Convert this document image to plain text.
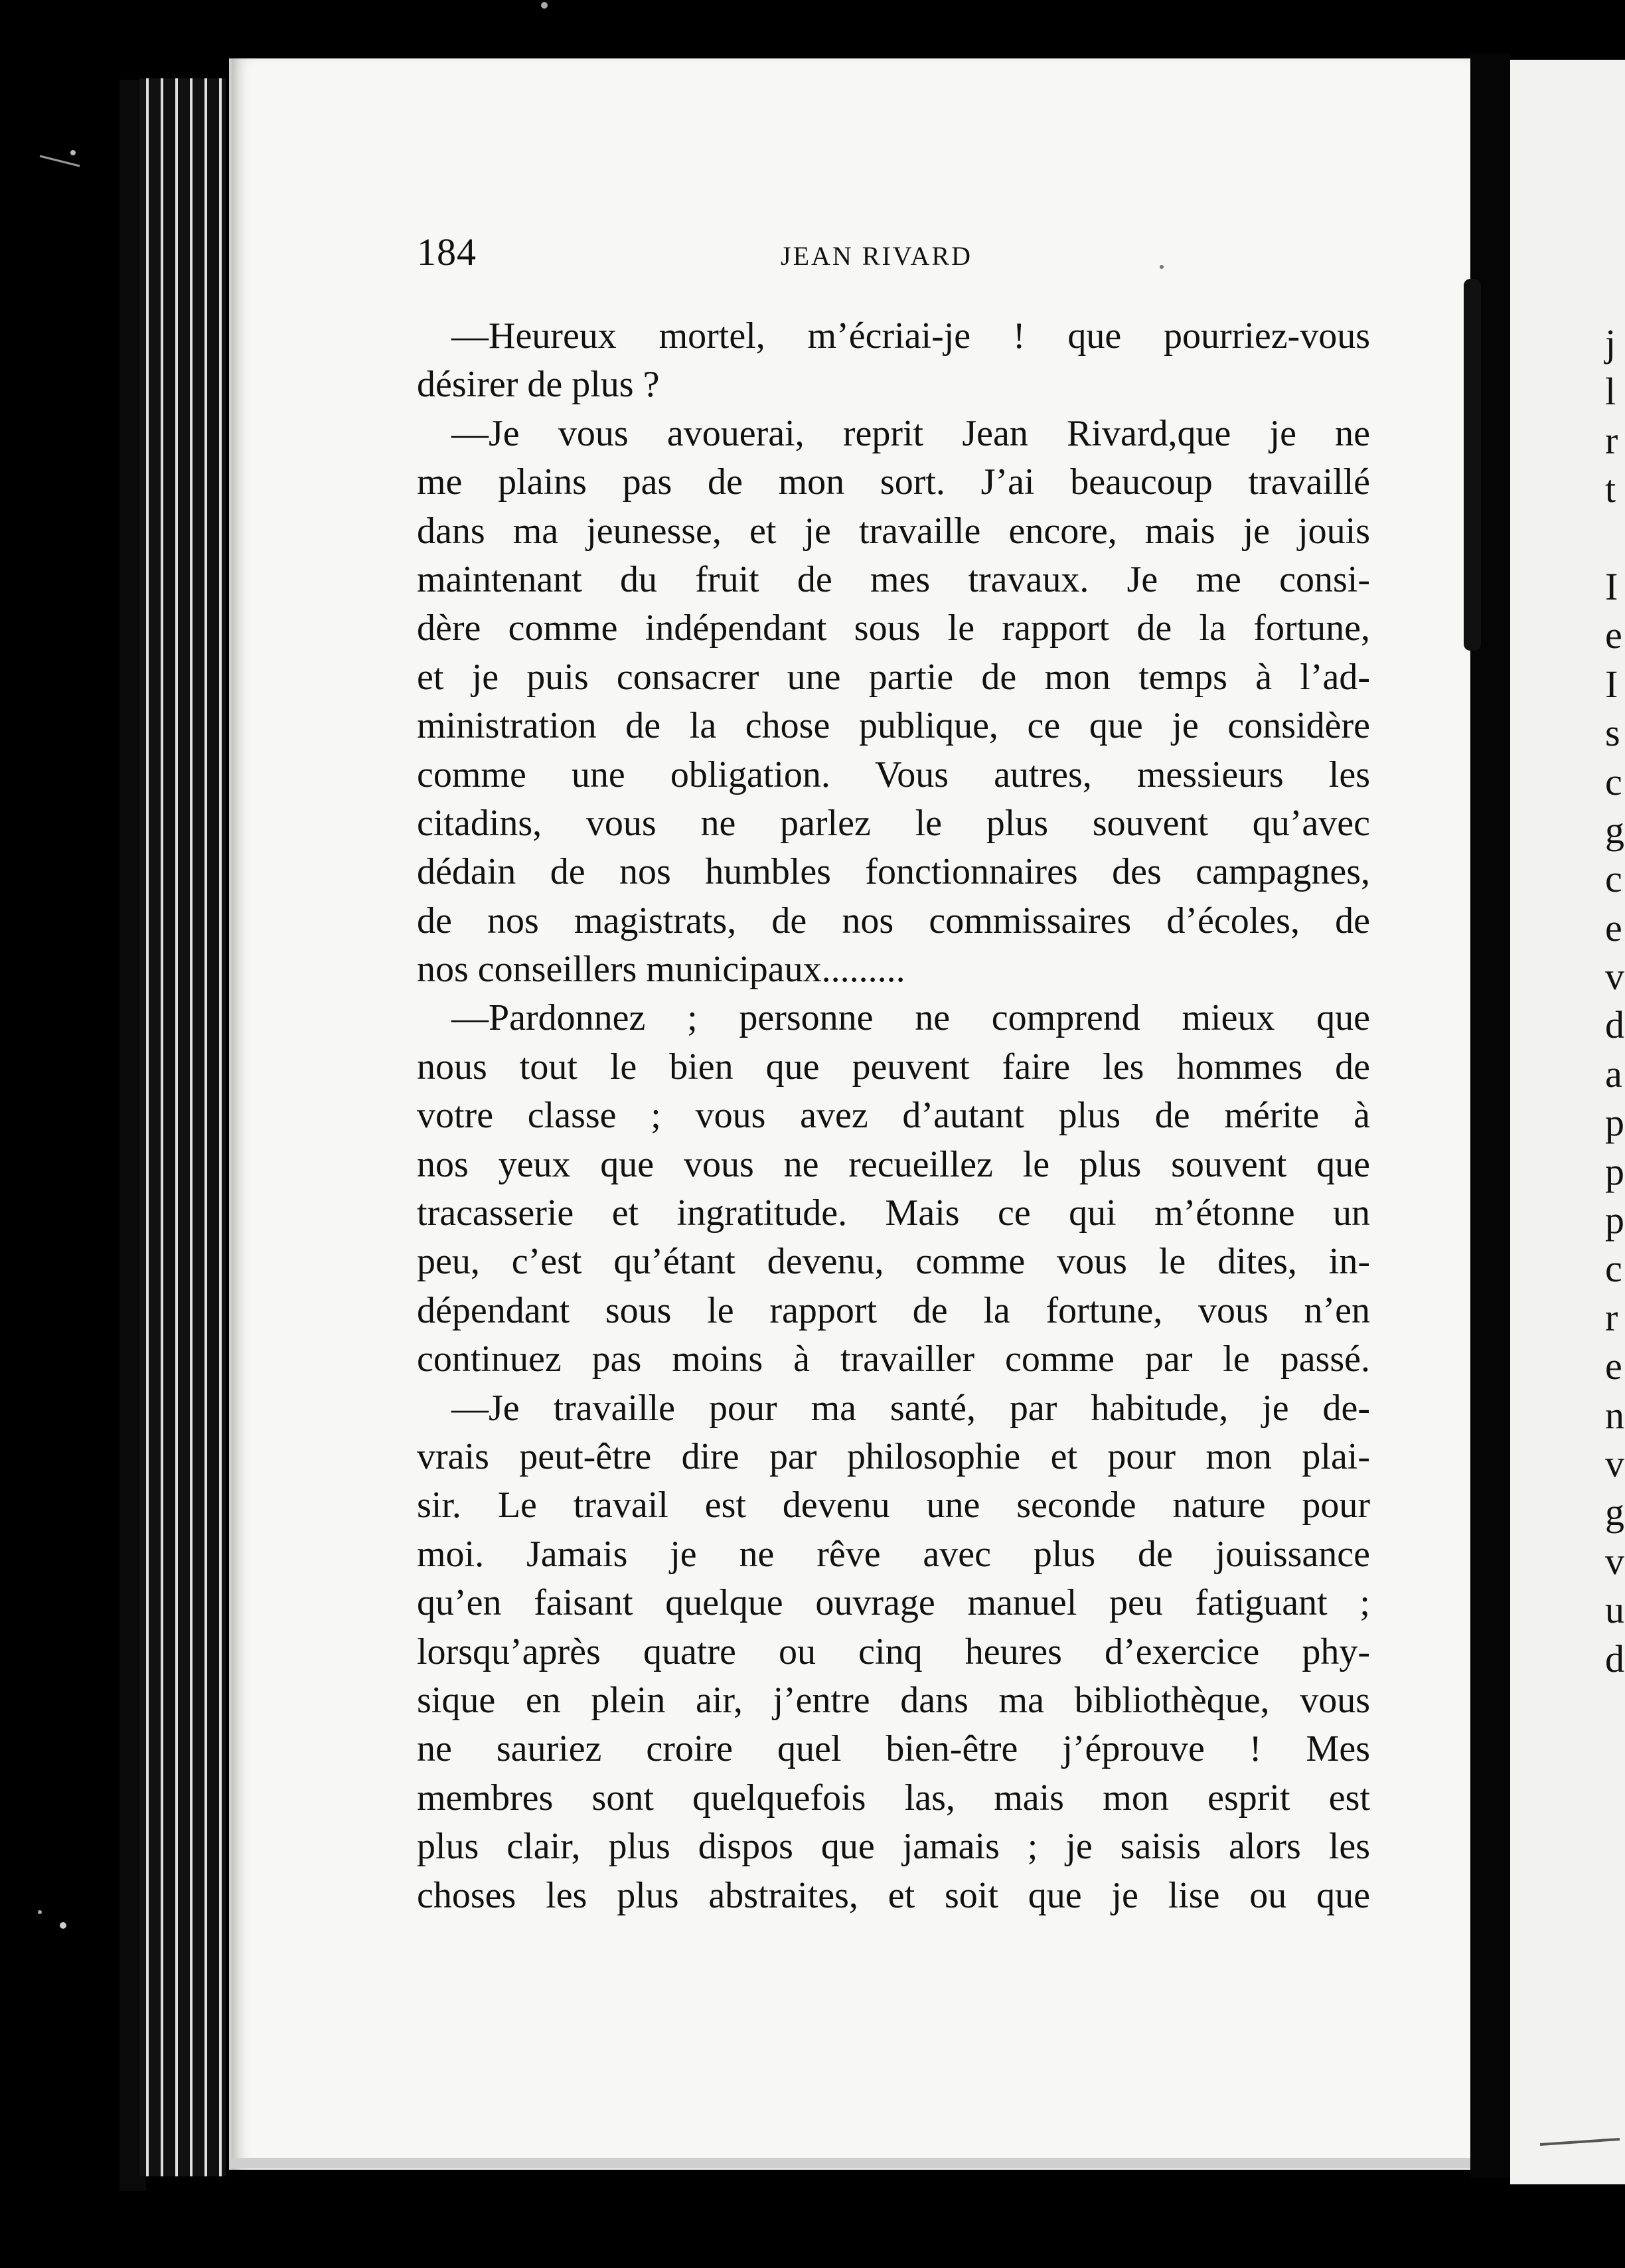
j
l
r
t
I
e
I
s
c
g
c
e
v
d
a
p
p
p
c
r
e
n
v
g
v
u
d
184	JEAN RIVARD
—Heureux mortel, m’écriai-je ! que pourriez-vous
désirer de plus ?
—Je vous avouerai, reprit Jean Rivard,que je ne
me plains pas de mon sort. J’ai beaucoup travaillé
dans ma jeunesse, et je travaille encore, mais je jouis
maintenant du fruit de mes travaux. Je me consi-
dère comme indépendant sous le rapport de la fortune,
et je puis consacrer une partie de mon temps à l’ad-
ministration de la chose publique, ce que je considère
comme une obligation. Vous autres, messieurs les
citadins, vous ne parlez le plus souvent qu’avec
dédain de nos humbles fonctionnaires des campagnes,
de nos magistrats, de nos commissaires d’écoles, de
nos conseillers municipaux.........
—Pardonnez ; personne ne comprend mieux que
nous tout le bien que peuvent faire les hommes de
votre classe ; vous avez d’autant plus de mérite à
nos yeux que vous ne recueillez le plus souvent que
tracasserie et ingratitude. Mais ce qui m’étonne un
peu, c’est qu’étant devenu, comme vous le dites, in-
dépendant sous le rapport de la fortune, vous n’en
continuez pas moins à travailler comme par le passé.
—Je travaille pour ma santé, par habitude, je de-
vrais peut-être dire par philosophie et pour mon plai-
sir. Le travail est devenu une seconde nature pour
moi. Jamais je ne rêve avec plus de jouissance
qu’en faisant quelque ouvrage manuel peu fatiguant ;
lorsqu’après quatre ou cinq heures d’exercice phy-
sique en plein air, j’entre dans ma bibliothèque, vous
ne sauriez croire quel bien-être j’éprouve ! Mes
membres sont quelquefois las, mais mon esprit est
plus clair, plus dispos que jamais ; je saisis alors les
choses les plus abstraites, et soit que je lise ou que
